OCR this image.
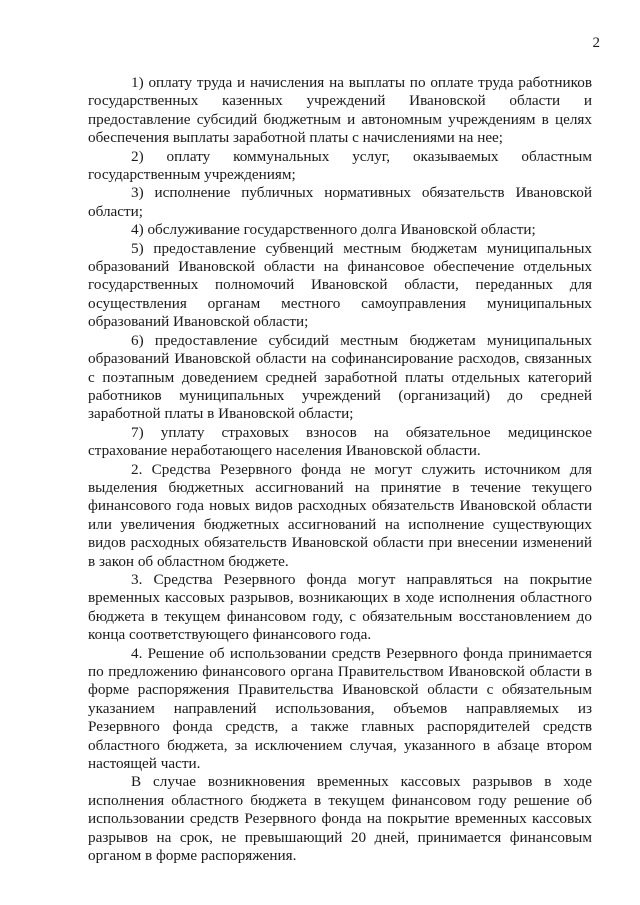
2

1) оплату труда и начисления на выплаты по оплате труда работников государственных казенных учреждений Ивановской области и предоставление субсидий бюджетным и автономным учреждениям в целях обеспечения выплаты заработной платы с начислениями на нее;

2) оплату коммунальных услуг, оказываемых областным государственным учреждениям;

3) исполнение публичных нормативных обязательств Ивановской области;

4) обслуживание государственного долга Ивановской области;

5) предоставление субвенций местным бюджетам муниципальных образований Ивановской области на финансовое обеспечение отдельных государственных полномочий Ивановской области, переданных для осуществления органам местного самоуправления муниципальных образований Ивановской области;

6) предоставление субсидий местным бюджетам муниципальных образований Ивановской области на софинансирование расходов, связанных с поэтапным доведением средней заработной платы отдельных категорий работников муниципальных учреждений (организаций) до средней заработной платы в Ивановской области;

7) уплату страховых взносов на обязательное медицинское страхование неработающего населения Ивановской области.

2. Средства Резервного фонда не могут служить источником для выделения бюджетных ассигнований на принятие в течение текущего финансового года новых видов расходных обязательств Ивановской области или увеличения бюджетных ассигнований на исполнение существующих видов расходных обязательств Ивановской области при внесении изменений в закон об областном бюджете.

3. Средства Резервного фонда могут направляться на покрытие временных кассовых разрывов, возникающих в ходе исполнения областного бюджета в текущем финансовом году, с обязательным восстановлением до конца соответствующего финансового года.

4. Решение об использовании средств Резервного фонда принимается по предложению финансового органа Правительством Ивановской области в форме распоряжения Правительства Ивановской области с обязательным указанием направлений использования, объемов направляемых из Резервного фонда средств, а также главных распорядителей средств областного бюджета, за исключением случая, указанного в абзаце втором настоящей части.

В случае возникновения временных кассовых разрывов в ходе исполнения областного бюджета в текущем финансовом году решение об использовании средств Резервного фонда на покрытие временных кассовых разрывов на срок, не превышающий 20 дней, принимается финансовым органом в форме распоряжения.
